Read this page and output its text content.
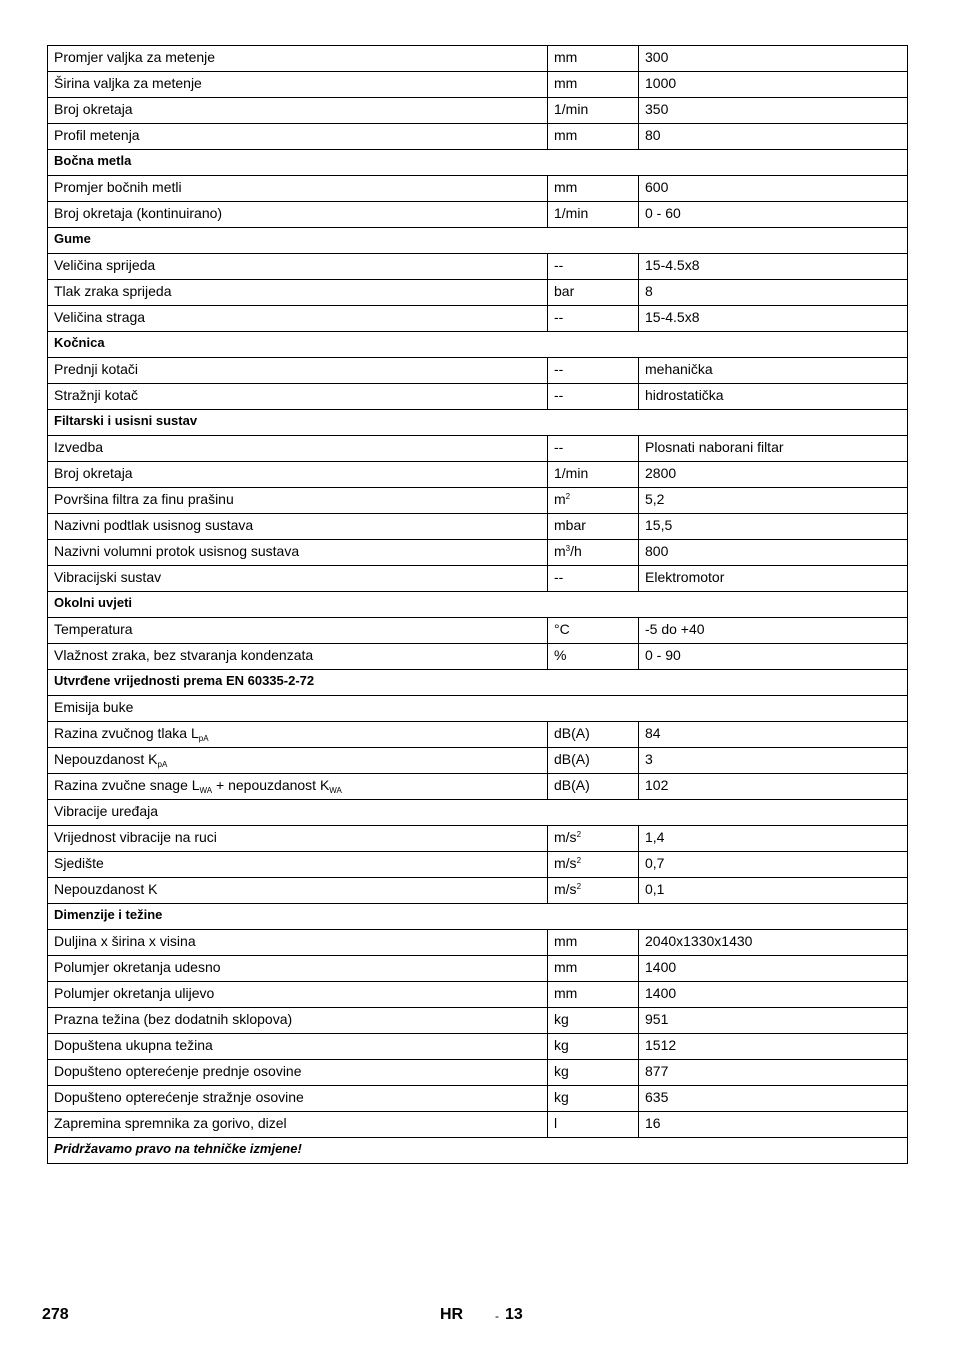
Promjer valjka za metenje	mm	300
Širina valjka za metenje	mm	1000
Broj okretaja	1/min	350
Profil metenja	mm	80
Bočna metla		
Promjer bočnih metli	mm	600
Broj okretaja (kontinuirano)	1/min	0 - 60
Gume		
Veličina sprijeda	--	15-4.5x8
Tlak zraka sprijeda	bar	8
Veličina straga	--	15-4.5x8
Kočnica		
Prednji kotači	--	mehanička
Stražnji kotač	--	hidrostatička
Filtarski i usisni sustav		
Izvedba	--	Plosnati naborani filtar
Broj okretaja	1/min	2800
Površina filtra za finu prašinu	$m^2$	5,2
Nazivni podtlak usisnog sustava	mbar	15,5
Nazivni volumni protok usisnog sustava	$m^3/h$	800
Vibracijski sustav	--	Elektromotor
Okolni uvjeti		
Temperatura	°C	-5 do +40
Vlažnost zraka, bez stvaranja kondenzata	%	0 - 90
Utvrđene vrijednosti prema EN 60335-2-72		
Emisija buke		
Razina zvučnog tlaka $L_{pA}$	dB(A)	84
Nepouzdanost $K_{pA}$	dB(A)	3
Razina zvučne snage $L_{WA}$ + nepouzdanost $K_{WA}$	dB(A)	102
Vibracije uređaja		
Vrijednost vibracije na ruci	$m/s^2$	1,4
Sjedište	$m/s^2$	0,7
Nepouzdanost K	$m/s^2$	0,1
Dimenzije i težine		
Duljina x širina x visina	mm	2040x1330x1430
Polumjer okretanja udesno	mm	1400
Polumjer okretanja ulijevo	mm	1400
Prazna težina (bez dodatnih sklopova)	kg	951
Dopuštena ukupna težina	kg	1512
Dopušteno opterećenje prednje osovine	kg	877
Dopušteno opterećenje stražnje osovine	kg	635
Zapremina spremnika za gorivo, dizel	l	16
Pridržavamo pravo na tehničke izmjene!		
278	HR	- 13
